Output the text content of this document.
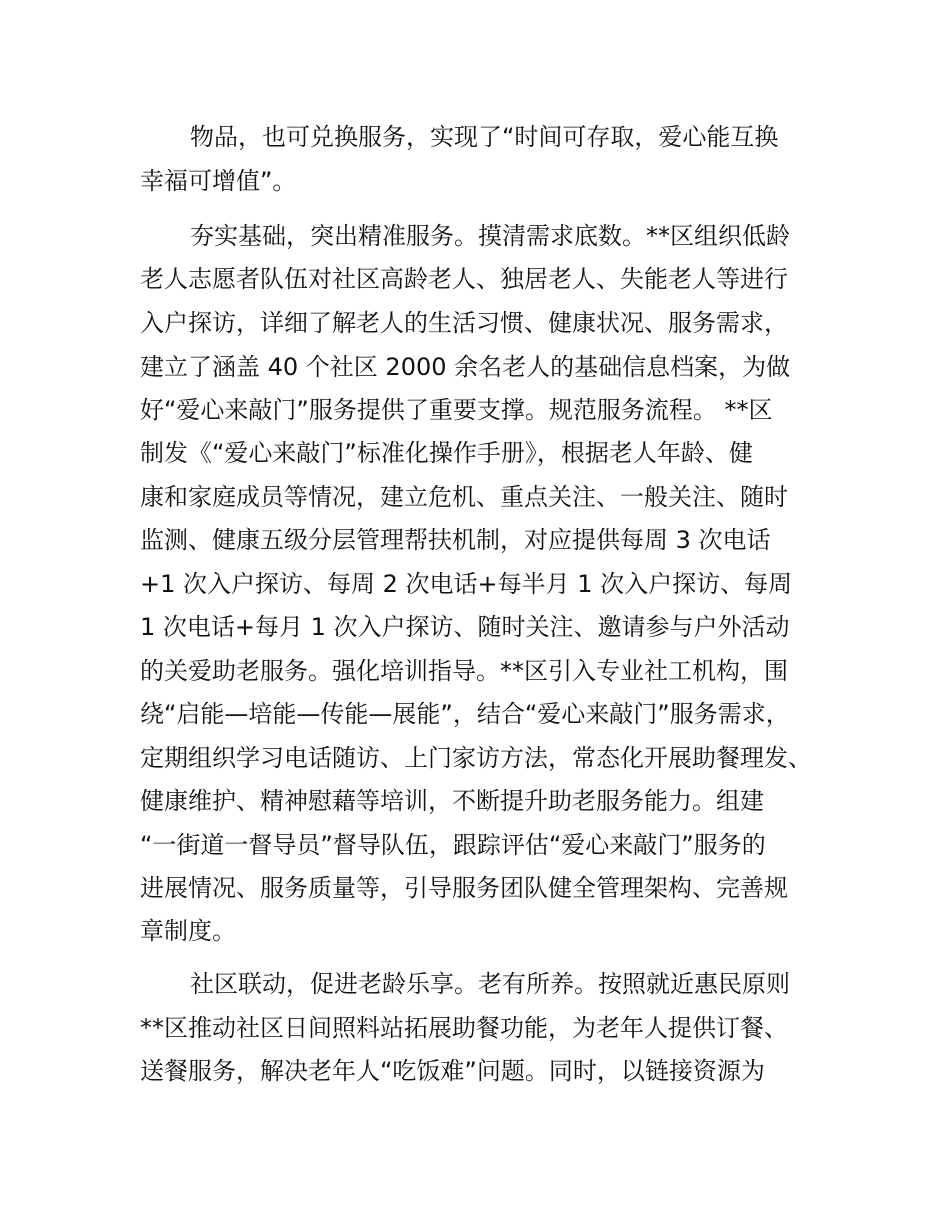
物品，也可兑换服务，实现了“时间可存取，爱心能互换
幸福可增值”。
夯实基础，突出精准服务。摸清需求底数。**区组织低龄
老人志愿者队伍对社区高龄老人、独居老人、失能老人等进行
入户探访，详细了解老人的生活习惯、健康状况、服务需求，
建立了涵盖 40 个社区 2000 余名老人的基础信息档案，为做
好“爱心来敲门”服务提供了重要支撑。规范服务流程。 **区
制发《“爱心来敲门”标准化操作手册》，根据老人年龄、健
康和家庭成员等情况，建立危机、重点关注、一般关注、随时
监测、健康五级分层管理帮扶机制，对应提供每周 3 次电话
+1 次入户探访、每周 2 次电话+每半月 1 次入户探访、每周
1 次电话+每月 1 次入户探访、随时关注、邀请参与户外活动
的关爱助老服务。强化培训指导。**区引入专业社工机构，围
绕“启能—培能—传能—展能”，结合“爱心来敲门”服务需求，
定期组织学习电话随访、上门家访方法，常态化开展助餐理发、
健康维护、精神慰藉等培训，不断提升助老服务能力。组建
“一街道一督导员”督导队伍，跟踪评估“爱心来敲门”服务的
进展情况、服务质量等，引导服务团队健全管理架构、完善规
章制度。
社区联动，促进老龄乐享。老有所养。按照就近惠民原则
**区推动社区日间照料站拓展助餐功能，为老年人提供订餐、
送餐服务，解决老年人“吃饭难”问题。同时，以链接资源为
